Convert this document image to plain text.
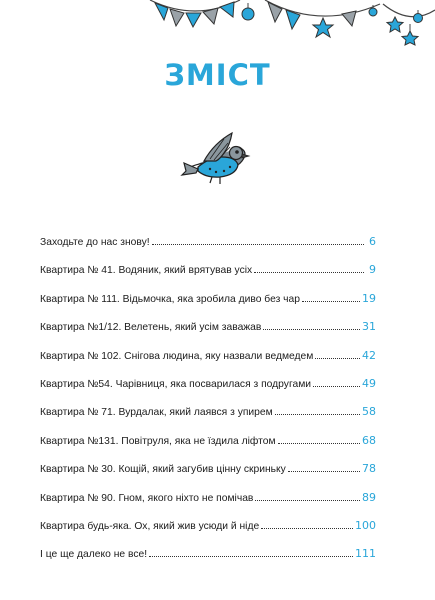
ЗМІСТ
Заходьте до нас знову!	6
Квартира № 41. Водяник, який врятував усіх	9
Квартира № 111. Відьмочка, яка зробила диво без чар	19
Квартира №1/12. Велетень, який усім заважав	31
Квартира № 102. Снігова людина, яку назвали ведмедем	42
Квартира №54. Чарівниця, яка посварилася з подругами	49
Квартира № 71. Вурдалак, який лаявся з упирем	58
Квартира №131. Повітруля, яка не їздила ліфтом	68
Квартира № 30. Кощій, який загубив цінну скриньку	78
Квартира № 90. Гном, якого ніхто не помічав	89
Квартира будь-яка. Ох, який жив усюди й ніде	100
І це ще далеко не все!	111
